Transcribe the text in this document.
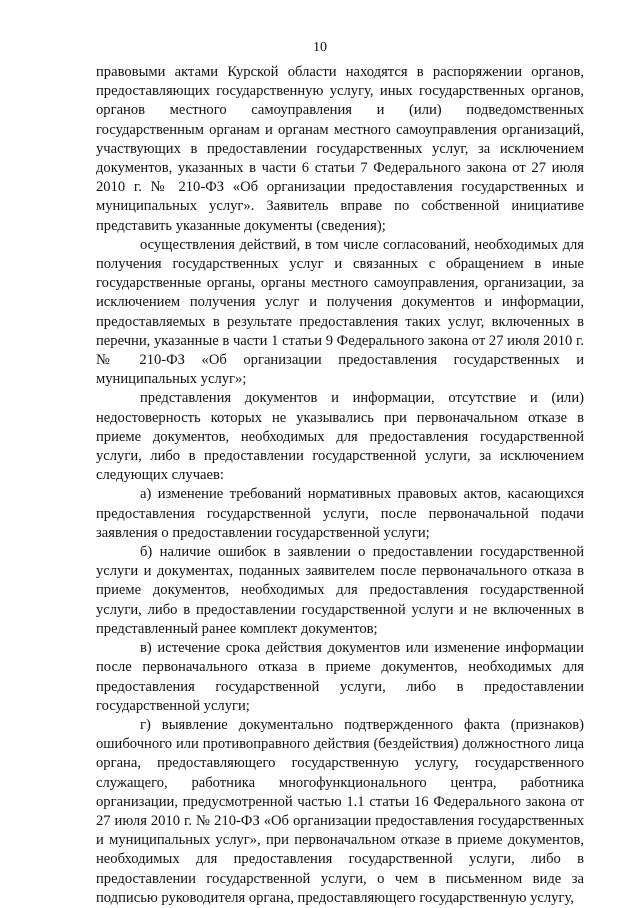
10

правовыми актами Курской области находятся в распоряжении органов, предоставляющих государственную услугу, иных государственных органов, органов местного самоуправления и (или) подведомственных государственным органам и органам местного самоуправления организаций, участвующих в предоставлении государственных услуг, за исключением документов, указанных в части 6 статьи 7 Федерального закона от 27 июля 2010 г. № 210-ФЗ «Об организации предоставления государственных и муниципальных услуг». Заявитель вправе по собственной инициативе представить указанные документы (сведения);

осуществления действий, в том числе согласований, необходимых для получения государственных услуг и связанных с обращением в иные государственные органы, органы местного самоуправления, организации, за исключением получения услуг и получения документов и информации, предоставляемых в результате предоставления таких услуг, включенных в перечни, указанные в части 1 статьи 9 Федерального закона от 27 июля 2010 г. № 210-ФЗ «Об организации предоставления государственных и муниципальных услуг»;

представления документов и информации, отсутствие и (или) недостоверность которых не указывались при первоначальном отказе в приеме документов, необходимых для предоставления государственной услуги, либо в предоставлении государственной услуги, за исключением следующих случаев:

а) изменение требований нормативных правовых актов, касающихся предоставления государственной услуги, после первоначальной подачи заявления о предоставлении государственной услуги;

б) наличие ошибок в заявлении о предоставлении государственной услуги и документах, поданных заявителем после первоначального отказа в приеме документов, необходимых для предоставления государственной услуги, либо в предоставлении государственной услуги и не включенных в представленный ранее комплект документов;

в) истечение срока действия документов или изменение информации после первоначального отказа в приеме документов, необходимых для предоставления государственной услуги, либо в предоставлении государственной услуги;

г) выявление документально подтвержденного факта (признаков) ошибочного или противоправного действия (бездействия) должностного лица органа, предоставляющего государственную услугу, государственного служащего, работника многофункционального центра, работника организации, предусмотренной частью 1.1 статьи 16 Федерального закона от 27 июля 2010 г. № 210-ФЗ «Об организации предоставления государственных и муниципальных услуг», при первоначальном отказе в приеме документов, необходимых для предоставления государственной услуги, либо в предоставлении государственной услуги, о чем в письменном виде за подписью руководителя органа, предоставляющего государственную услугу,
